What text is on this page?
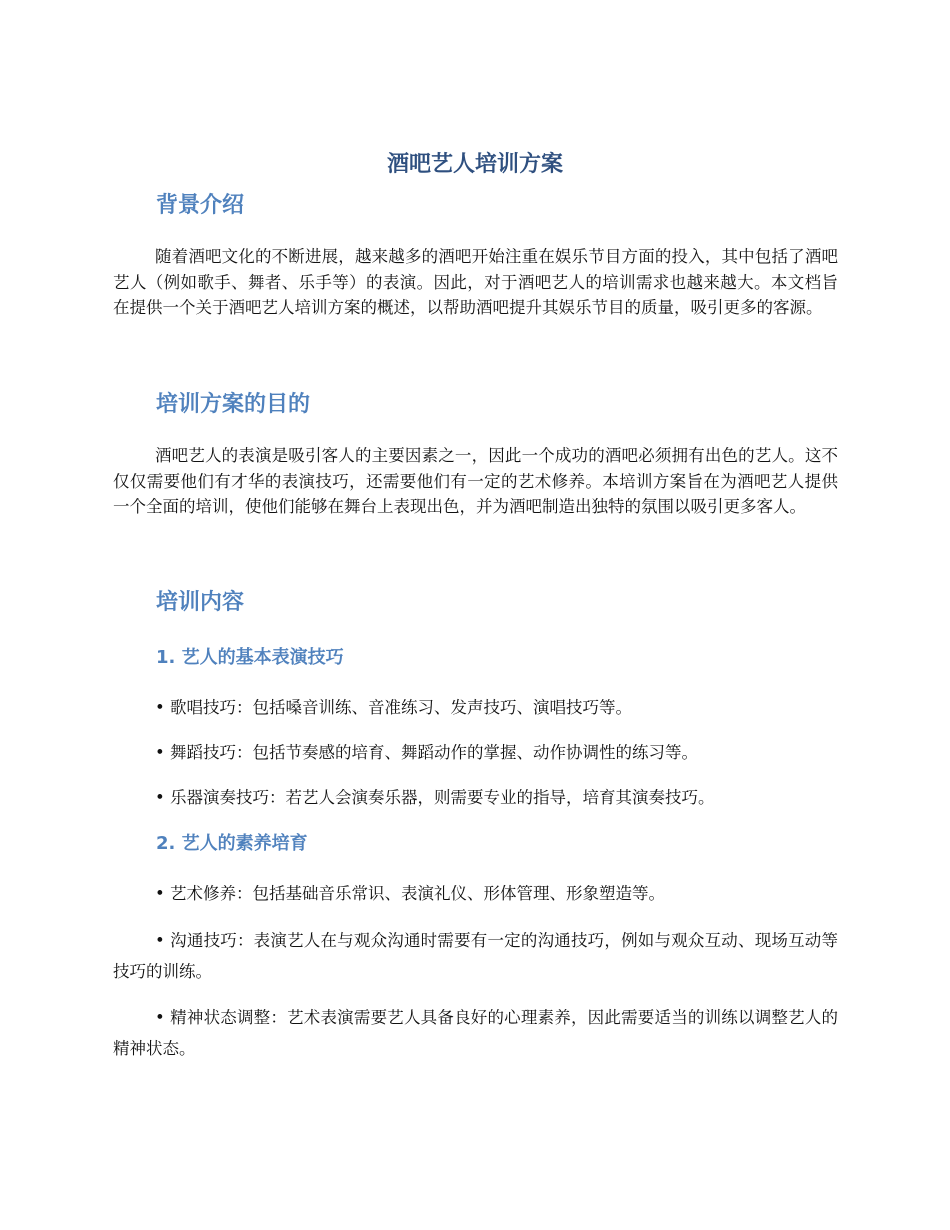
酒吧艺人培训方案
背景介绍

随着酒吧文化的不断进展，越来越多的酒吧开始注重在娱乐节目方面的投入，其中包括了酒吧艺人（例如歌手、舞者、乐手等）的表演。因此，对于酒吧艺人的培训需求也越来越大。本文档旨在提供一个关于酒吧艺人培训方案的概述，以帮助酒吧提升其娱乐节目的质量，吸引更多的客源。

培训方案的目的

酒吧艺人的表演是吸引客人的主要因素之一，因此一个成功的酒吧必须拥有出色的艺人。这不仅仅需要他们有才华的表演技巧，还需要他们有一定的艺术修养。本培训方案旨在为酒吧艺人提供一个全面的培训，使他们能够在舞台上表现出色，并为酒吧制造出独特的氛围以吸引更多客人。

培训内容
1. 艺人的基本表演技巧

• 歌唱技巧：包括嗓音训练、音准练习、发声技巧、演唱技巧等。

• 舞蹈技巧：包括节奏感的培育、舞蹈动作的掌握、动作协调性的练习等。

• 乐器演奏技巧：若艺人会演奏乐器，则需要专业的指导，培育其演奏技巧。

2. 艺人的素养培育

• 艺术修养：包括基础音乐常识、表演礼仪、形体管理、形象塑造等。

• 沟通技巧：表演艺人在与观众沟通时需要有一定的沟通技巧，例如与观众互动、现场互动等技巧的训练。

• 精神状态调整：艺术表演需要艺人具备良好的心理素养，因此需要适当的训练以调整艺人的精神状态。
